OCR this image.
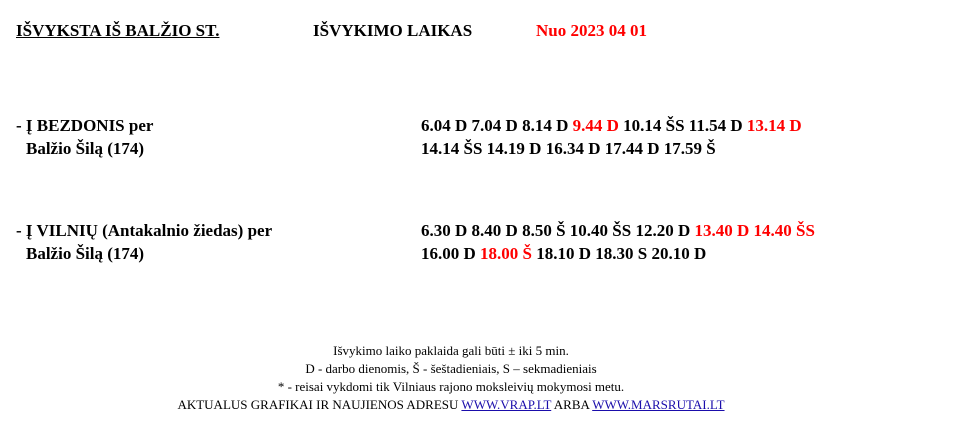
IŠVYKSTA IŠ BALŽIO ST.	IŠVYKIMO LAIKAS	Nuo 2023 04 01
- Į BEZDONIS per
Balžio Šilą (174)
6.04 D 7.04 D 8.14 D 9.44 D 10.14 ŠS 11.54 D 13.14 D
14.14 ŠS 14.19 D 16.34 D 17.44 D 17.59 Š
- Į VILNIŲ (Antakalnio žiedas) per
Balžio Šilą (174)
6.30 D 8.40 D 8.50 Š 10.40 ŠS 12.20 D 13.40 D 14.40 ŠS
16.00 D 18.00 Š 18.10 D 18.30 S 20.10 D
Išvykimo laiko paklaida gali būti ± iki 5 min.
D - darbo dienomis, Š - šeštadieniais, S – sekmadieniais
* - reisai vykdomi tik Vilniaus rajono moksleivių mokymosi metu.
AKTUALUS GRAFIKAI IR NAUJIENOS ADRESU WWW.VRAP.LT ARBA WWW.MARSRUTAI.LT
